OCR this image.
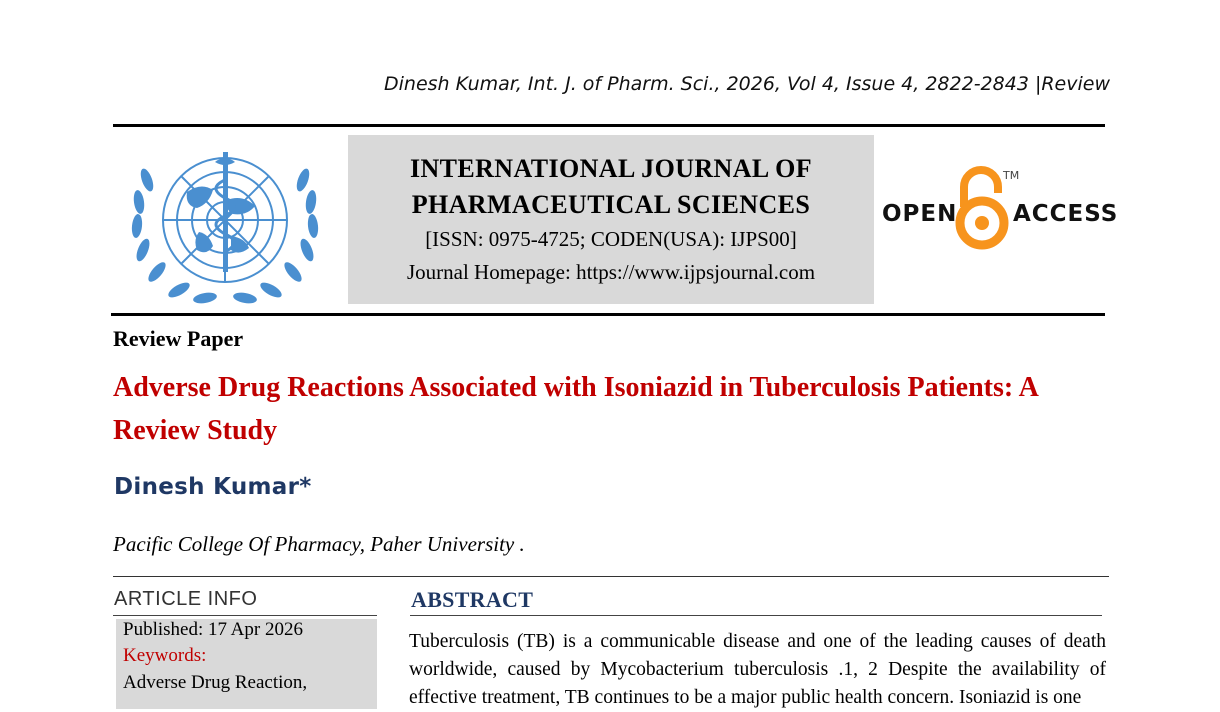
Dinesh Kumar, Int. J. of Pharm. Sci., 2026, Vol 4, Issue 4, 2822-2843 |Review
INTERNATIONAL JOURNAL OF
PHARMACEUTICAL SCIENCES
[ISSN: 0975-4725; CODEN(USA): IJPS00]
Journal Homepage: https://www.ijpsjournal.com
OPEN
TM
ACCESS
Review Paper
Adverse Drug Reactions Associated with Isoniazid in Tuberculosis Patients: A Review Study
Dinesh Kumar*
Pacific College Of Pharmacy, Paher University .
ARTICLE INFO
Published: 17 Apr 2026
Keywords:
Adverse Drug Reaction,
ABSTRACT
Tuberculosis (TB) is a communicable disease and one of the leading causes of death worldwide, caused by Mycobacterium tuberculosis .1, 2 Despite the availability of effective treatment, TB continues to be a major public health concern. Isoniazid is one
